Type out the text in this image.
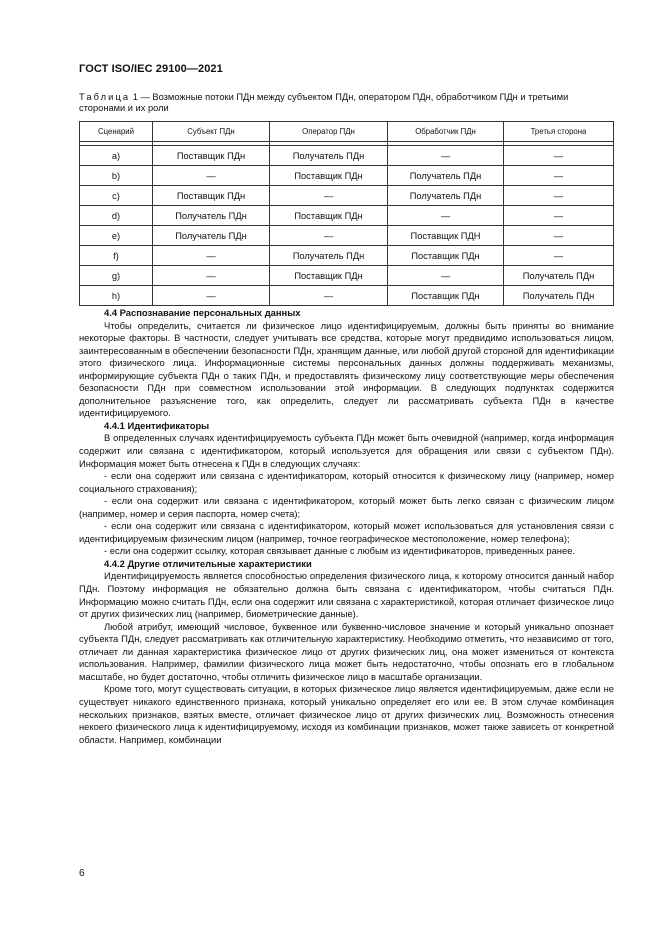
ГОСТ ISO/IEC 29100—2021
Таблица 1 — Возможные потоки ПДн между субъектом ПДн, оператором ПДн, обработчиком ПДн и третьими сторонами и их роли
Сценарий	Субъект ПДн	Оператор ПДн	Обработчик ПДн	Третья сторона

a)	Поставщик ПДн	Получатель ПДн	—	—
b)	—	Поставщик ПДн	Получатель ПДн	—
c)	Поставщик ПДн	—	Получатель ПДн	—
d)	Получатель ПДн	Поставщик ПДн	—	—
e)	Получатель ПДн	—	Поставщик ПДН	—
f)	—	Получатель ПДн	Поставщик ПДн	—
g)	—	Поставщик ПДн	—	Получатель ПДн
h)	—	—	Поставщик ПДн	Получатель ПДн

4.4 Распознавание персональных данных

Чтобы определить, считается ли физическое лицо идентифицируемым, должны быть приняты во внимание некоторые факторы. В частности, следует учитывать все средства, которые могут предвидимо использоваться лицом, заинтересованным в обеспечении безопасности ПДн, хранящим данные, или любой другой стороной для идентификации этого физического лица. Информационные системы персональных данных должны поддерживать механизмы, информирующие субъекта ПДн о таких ПДн, и предоставлять физическому лицу соответствующие меры обеспечения безопасности ПДн при совместном использовании этой информации. В следующих подпунктах содержится дополнительное разъяснение того, как определить, следует ли рассматривать субъекта ПДн в качестве идентифицируемого.

4.4.1 Идентификаторы

В определенных случаях идентифицируемость субъекта ПДн может быть очевидной (например, когда информация содержит или связана с идентификатором, который используется для обращения или связи с субъектом ПДн). Информация может быть отнесена к ПДн в следующих случаях:

- если она содержит или связана с идентификатором, который относится к физическому лицу (например, номер социального страхования);

- если она содержит или связана с идентификатором, который может быть легко связан с физическим лицом (например, номер и серия паспорта, номер счета);

- если она содержит или связана с идентификатором, который может использоваться для установления связи с идентифицируемым физическим лицом (например, точное географическое местоположение, номер телефона);

- если она содержит ссылку, которая связывает данные с любым из идентификаторов, приведенных ранее.

4.4.2 Другие отличительные характеристики

Идентифицируемость является способностью определения физического лица, к которому относится данный набор ПДн. Поэтому информация не обязательно должна быть связана с идентификатором, чтобы считаться ПДн. Информацию можно считать ПДн, если она содержит или связана с характеристикой, которая отличает физическое лицо от других физических лиц (например, биометрические данные).

Любой атрибут, имеющий числовое, буквенное или буквенно-числовое значение и который уникально опознает субъекта ПДн, следует рассматривать как отличительную характеристику. Необходимо отметить, что независимо от того, отличает ли данная характеристика физическое лицо от других физических лиц, она может измениться от контекста использования. Например, фамилии физического лица может быть недостаточно, чтобы опознать его в глобальном масштабе, но будет достаточно, чтобы отличить физическое лицо в масштабе организации.

Кроме того, могут существовать ситуации, в которых физическое лицо является идентифицируемым, даже если не существует никакого единственного признака, который уникально определяет его или ее. В этом случае комбинация нескольких признаков, взятых вместе, отличает физическое лицо от других физических лиц. Возможность отнесения некоего физического лица к идентифицируемому, исходя из комбинации признаков, может также зависеть от конкретной области. Например, комбинации

6
